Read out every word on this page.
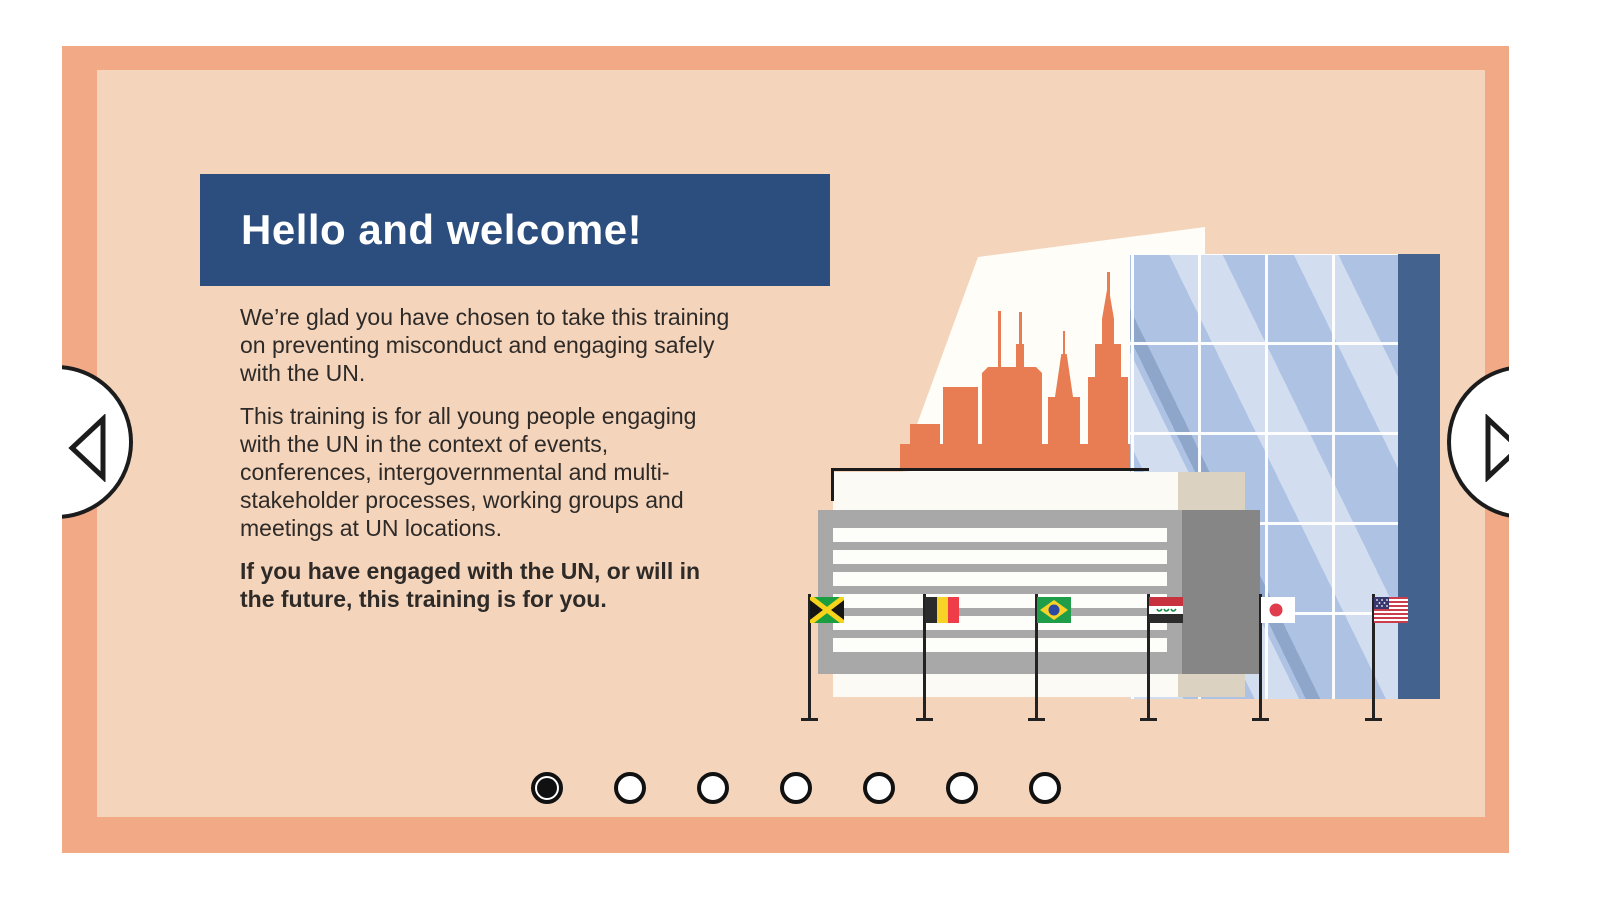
Hello and welcome!

We’re glad you have chosen to take this training on preventing misconduct and engaging safely with the UN.

This training is for all young people engaging with the UN in the context of events, conferences, intergovernmental and multi-stakeholder processes, working groups and meetings at UN locations.

If you have engaged with the UN, or will in the future, this training is for you.
